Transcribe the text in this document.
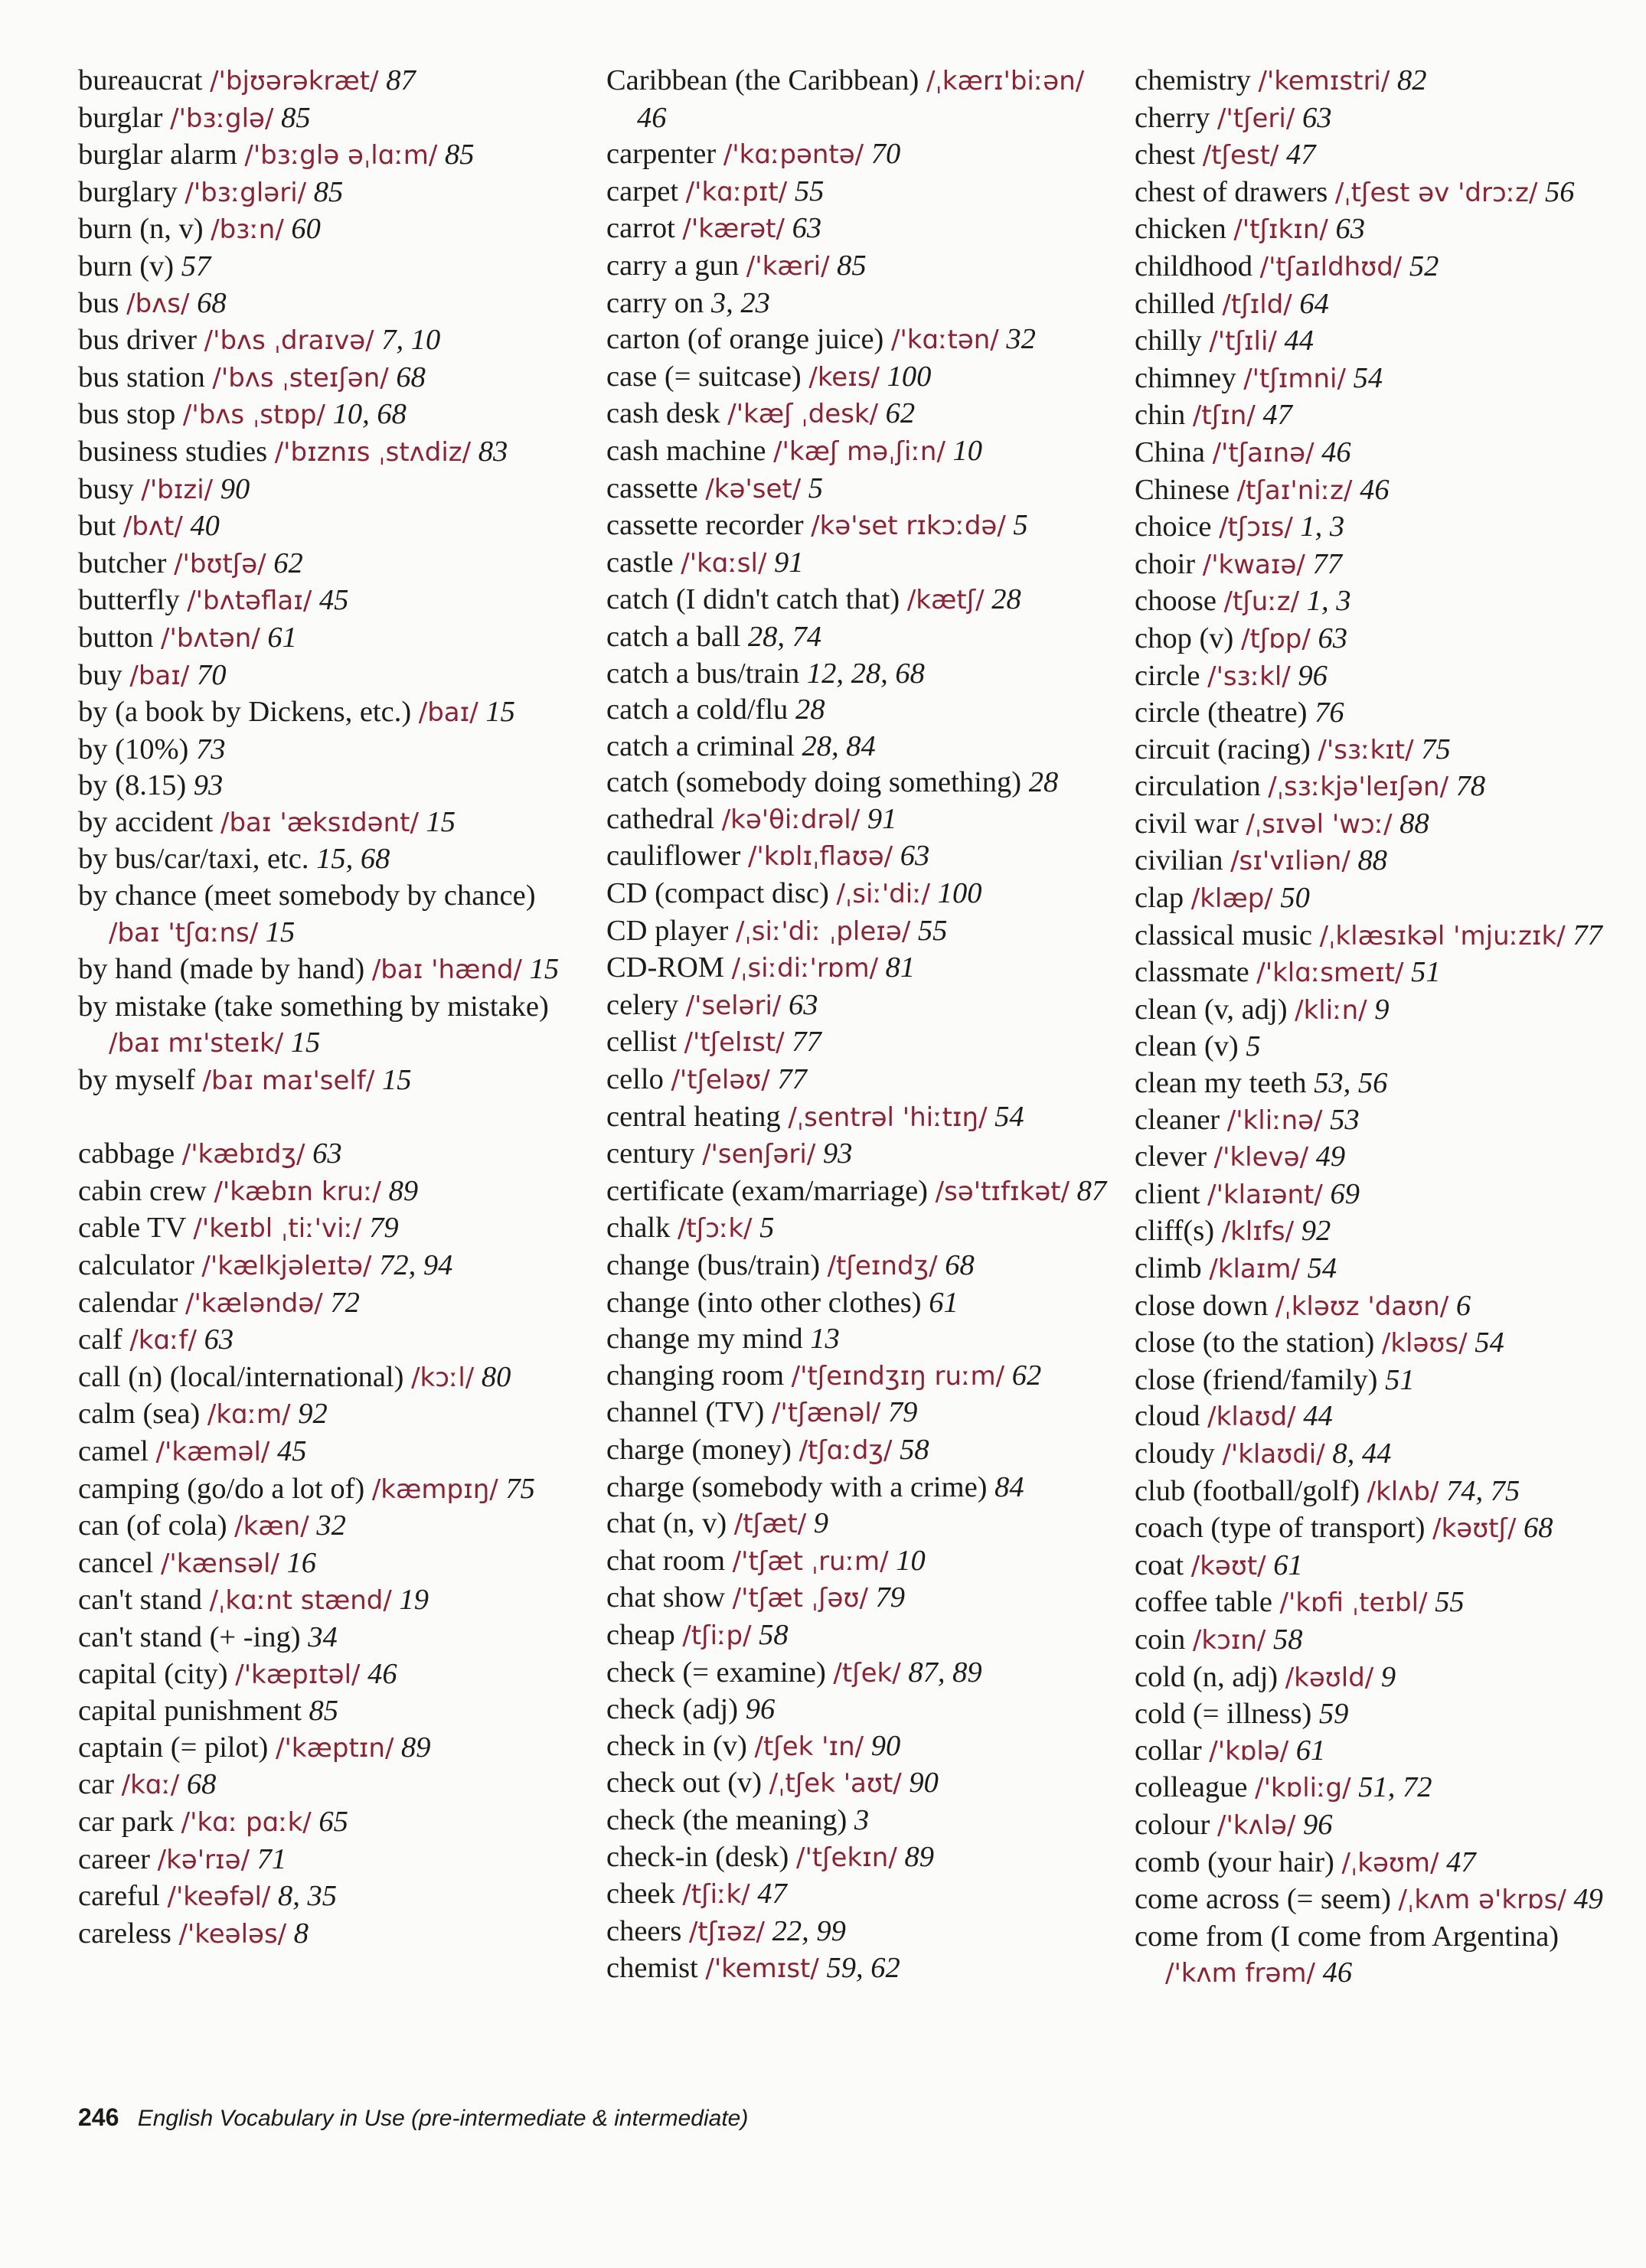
bureaucrat /'bjʊərəkræt/ 87
burglar /'bɜːglə/ 85
burglar alarm /'bɜːglə əˌlɑːm/ 85
burglary /'bɜːgləri/ 85
burn (n, v) /bɜːn/ 60
burn (v) 57
bus /bʌs/ 68
bus driver /'bʌs ˌdraɪvə/ 7, 10
bus station /'bʌs ˌsteɪʃən/ 68
bus stop /'bʌs ˌstɒp/ 10, 68
business studies /'bɪznɪs ˌstʌdiz/ 83
busy /'bɪzi/ 90
but /bʌt/ 40
butcher /'bʊtʃə/ 62
butterfly /'bʌtəflaɪ/ 45
button /'bʌtən/ 61
buy /baɪ/ 70
by (a book by Dickens, etc.) /baɪ/ 15
by (10%) 73
by (8.15) 93
by accident /baɪ 'æksɪdənt/ 15
by bus/car/taxi, etc. 15, 68
by chance (meet somebody by chance) /baɪ 'tʃɑːns/ 15
by hand (made by hand) /baɪ 'hænd/ 15
by mistake (take something by mistake) /baɪ mɪ'steɪk/ 15
by myself /baɪ maɪ'self/ 15
cabbage /'kæbɪdʒ/ 63
cabin crew /'kæbɪn kruː/ 89
cable TV /'keɪbl ˌtiː'viː/ 79
calculator /'kælkjəleɪtə/ 72, 94
calendar /'kæləndə/ 72
calf /kɑːf/ 63
call (n) (local/international) /kɔːl/ 80
calm (sea) /kɑːm/ 92
camel /'kæməl/ 45
camping (go/do a lot of) /kæmpɪŋ/ 75
can (of cola) /kæn/ 32
cancel /'kænsəl/ 16
can't stand /ˌkɑːnt stænd/ 19
can't stand (+ -ing) 34
capital (city) /'kæpɪtəl/ 46
capital punishment 85
captain (= pilot) /'kæptɪn/ 89
car /kɑː/ 68
car park /'kɑː pɑːk/ 65
career /kə'rɪə/ 71
careful /'keəfəl/ 8, 35
careless /'keələs/ 8
Caribbean (the Caribbean) /ˌkærɪ'biːən/ 46
carpenter /'kɑːpəntə/ 70
carpet /'kɑːpɪt/ 55
carrot /'kærət/ 63
carry a gun /'kæri/ 85
carry on 3, 23
carton (of orange juice) /'kɑːtən/ 32
case (= suitcase) /keɪs/ 100
cash desk /'kæʃ ˌdesk/ 62
cash machine /'kæʃ məˌʃiːn/ 10
cassette /kə'set/ 5
cassette recorder /kə'set rɪkɔːdə/ 5
castle /'kɑːsl/ 91
catch (I didn't catch that) /kætʃ/ 28
catch a ball 28, 74
catch a bus/train 12, 28, 68
catch a cold/flu 28
catch a criminal 28, 84
catch (somebody doing something) 28
cathedral /kə'θiːdrəl/ 91
cauliflower /'kɒlɪˌflaʊə/ 63
CD (compact disc) /ˌsiː'diː/ 100
CD player /ˌsiː'diː ˌpleɪə/ 55
CD-ROM /ˌsiːdiː'rɒm/ 81
celery /'seləri/ 63
cellist /'tʃelɪst/ 77
cello /'tʃeləʊ/ 77
central heating /ˌsentrəl 'hiːtɪŋ/ 54
century /'senʃəri/ 93
certificate (exam/marriage) /sə'tɪfɪkət/ 87
chalk /tʃɔːk/ 5
change (bus/train) /tʃeɪndʒ/ 68
change (into other clothes) 61
change my mind 13
changing room /'tʃeɪndʒɪŋ ruːm/ 62
channel (TV) /'tʃænəl/ 79
charge (money) /tʃɑːdʒ/ 58
charge (somebody with a crime) 84
chat (n, v) /tʃæt/ 9
chat room /'tʃæt ˌruːm/ 10
chat show /'tʃæt ˌʃəʊ/ 79
cheap /tʃiːp/ 58
check (= examine) /tʃek/ 87, 89
check (adj) 96
check in (v) /tʃek 'ɪn/ 90
check out (v) /ˌtʃek 'aʊt/ 90
check (the meaning) 3
check-in (desk) /'tʃekɪn/ 89
cheek /tʃiːk/ 47
cheers /tʃɪəz/ 22, 99
chemist /'kemɪst/ 59, 62
chemistry /'kemɪstri/ 82
cherry /'tʃeri/ 63
chest /tʃest/ 47
chest of drawers /ˌtʃest əv 'drɔːz/ 56
chicken /'tʃɪkɪn/ 63
childhood /'tʃaɪldhʊd/ 52
chilled /tʃɪld/ 64
chilly /'tʃɪli/ 44
chimney /'tʃɪmni/ 54
chin /tʃɪn/ 47
China /'tʃaɪnə/ 46
Chinese /tʃaɪ'niːz/ 46
choice /tʃɔɪs/ 1, 3
choir /'kwaɪə/ 77
choose /tʃuːz/ 1, 3
chop (v) /tʃɒp/ 63
circle /'sɜːkl/ 96
circle (theatre) 76
circuit (racing) /'sɜːkɪt/ 75
circulation /ˌsɜːkjə'leɪʃən/ 78
civil war /ˌsɪvəl 'wɔː/ 88
civilian /sɪ'vɪliən/ 88
clap /klæp/ 50
classical music /ˌklæsɪkəl 'mjuːzɪk/ 77
classmate /'klɑːsmeɪt/ 51
clean (v, adj) /kliːn/ 9
clean (v) 5
clean my teeth 53, 56
cleaner /'kliːnə/ 53
clever /'klevə/ 49
client /'klaɪənt/ 69
cliff(s) /klɪfs/ 92
climb /klaɪm/ 54
close down /ˌkləʊz 'daʊn/ 6
close (to the station) /kləʊs/ 54
close (friend/family) 51
cloud /klaʊd/ 44
cloudy /'klaʊdi/ 8, 44
club (football/golf) /klʌb/ 74, 75
coach (type of transport) /kəʊtʃ/ 68
coat /kəʊt/ 61
coffee table /'kɒfi ˌteɪbl/ 55
coin /kɔɪn/ 58
cold (n, adj) /kəʊld/ 9
cold (= illness) 59
collar /'kɒlə/ 61
colleague /'kɒliːg/ 51, 72
colour /'kʌlə/ 96
comb (your hair) /ˌkəʊm/ 47
come across (= seem) /ˌkʌm ə'krɒs/ 49
come from (I come from Argentina) /'kʌm frəm/ 46
246 English Vocabulary in Use (pre-intermediate & intermediate)
